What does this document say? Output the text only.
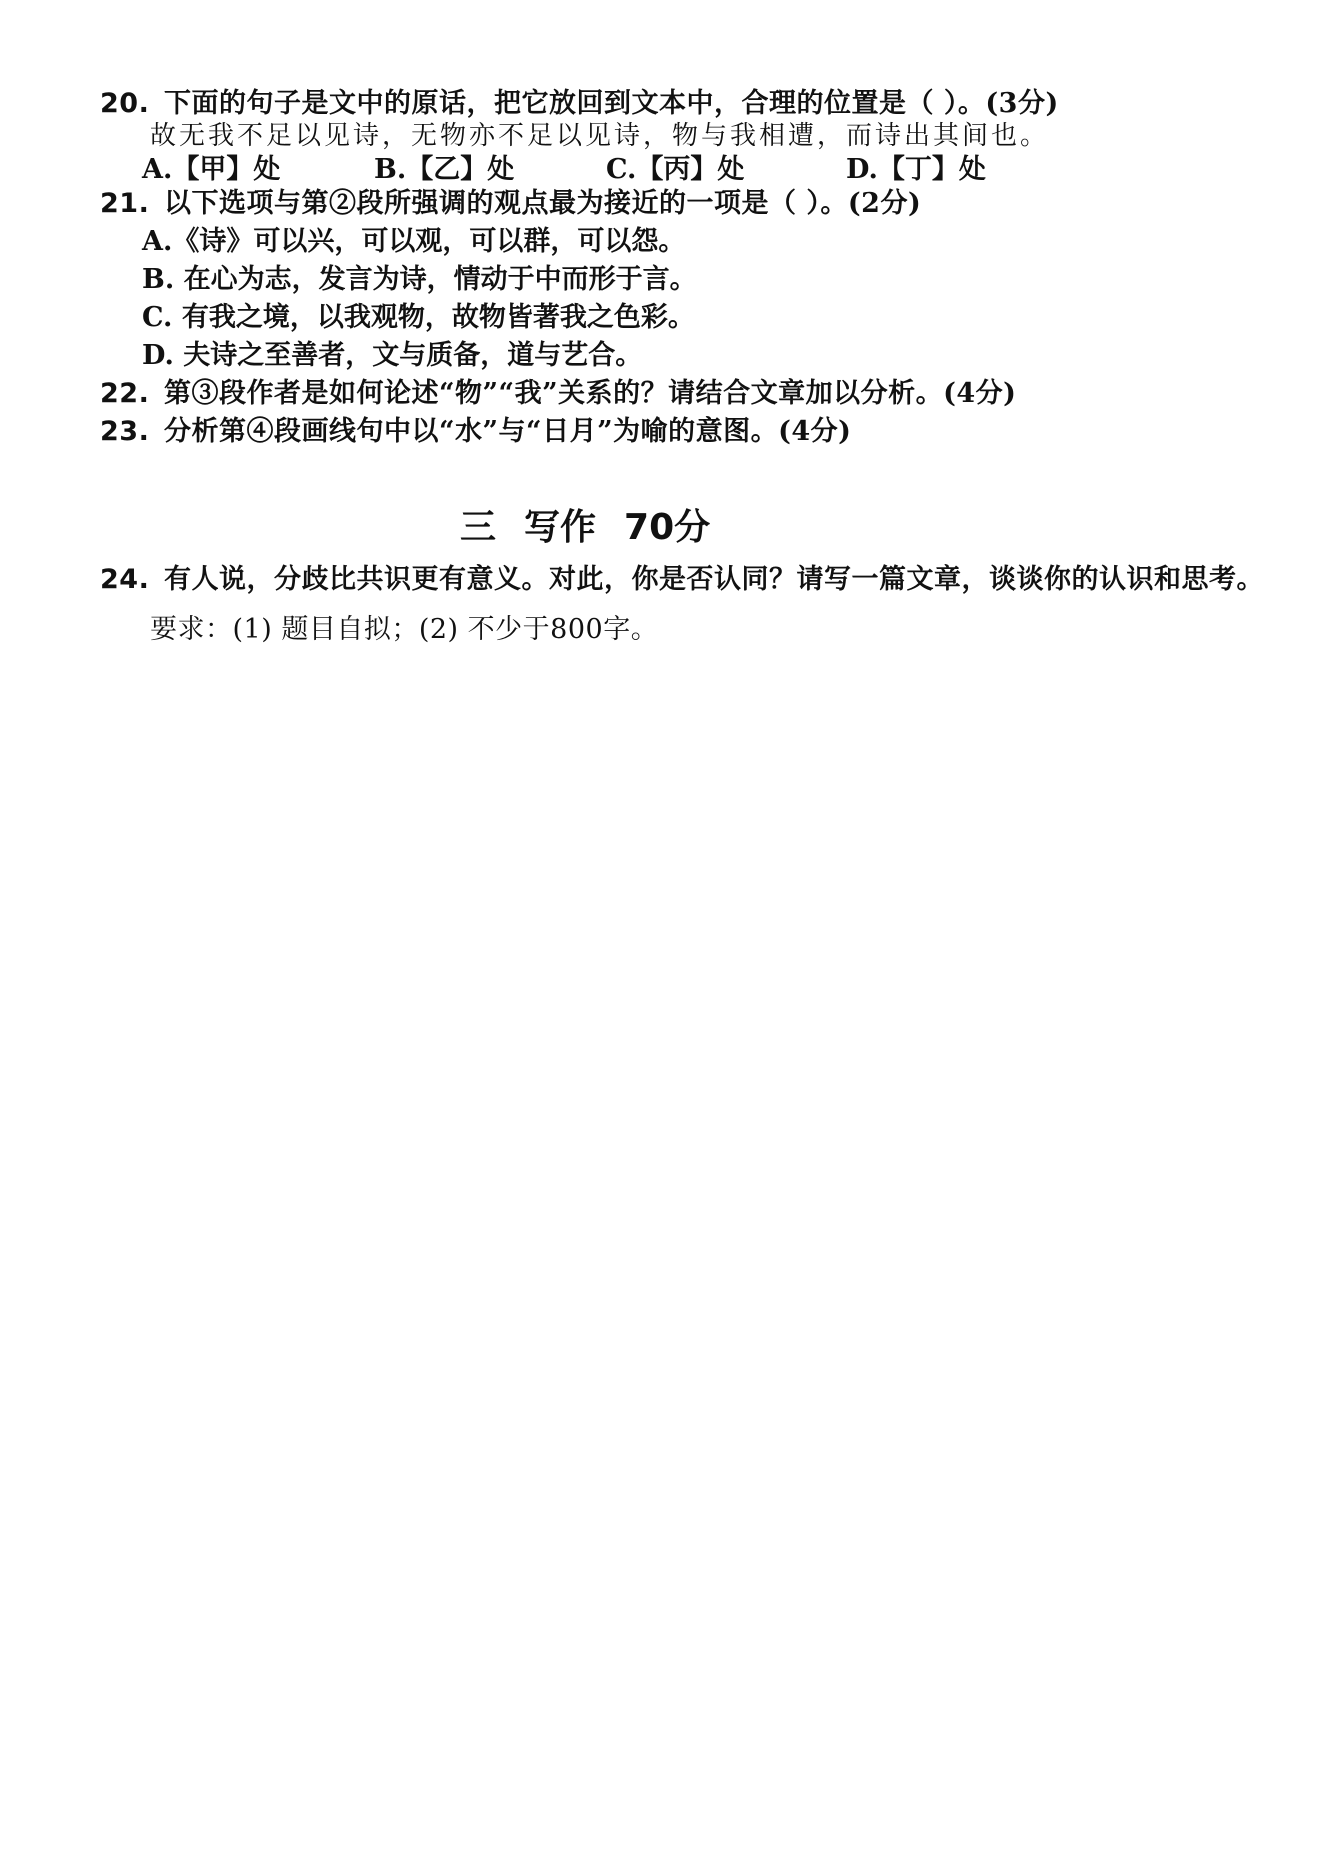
20. 下面的句子是文中的原话，把它放回到文本中，合理的位置是（ ）。(3分)
故无我不足以见诗，无物亦不足以见诗，物与我相遭，而诗出其间也。
A.【甲】处	B.【乙】处	C.【丙】处	D.【丁】处
21. 以下选项与第②段所强调的观点最为接近的一项是（ ）。(2分)
A.《诗》可以兴，可以观，可以群，可以怨。
B. 在心为志，发言为诗，情动于中而形于言。
C. 有我之境，以我观物，故物皆著我之色彩。
D. 夫诗之至善者，文与质备，道与艺合。
22. 第③段作者是如何论述“物”“我”关系的？请结合文章加以分析。(4分)
23. 分析第④段画线句中以“水”与“日月”为喻的意图。(4分)
三 写作 70分
24. 有人说，分歧比共识更有意义。对此，你是否认同？请写一篇文章，谈谈你的认识和思考。
要求：(1) 题目自拟；(2) 不少于800字。
